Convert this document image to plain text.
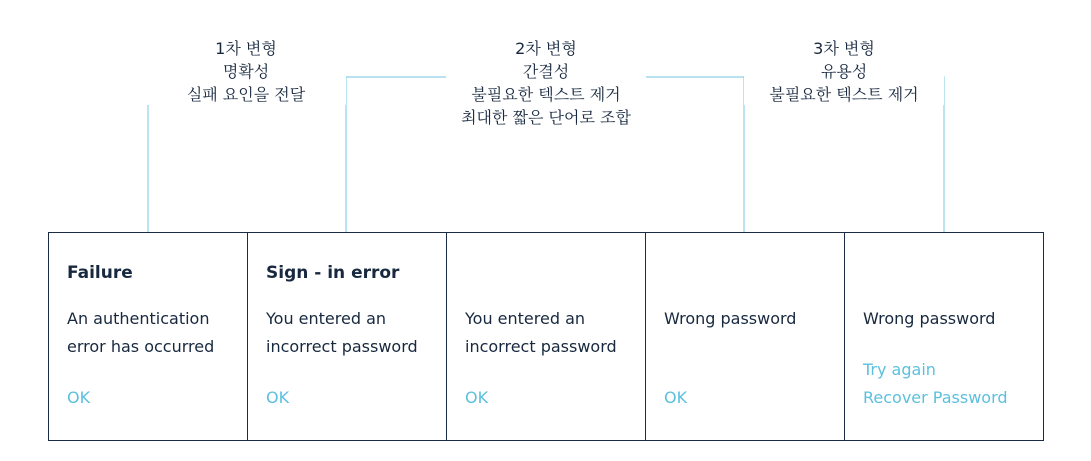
1차 변형
명확성
실패 요인을 전달
2차 변형
간결성
불필요한 텍스트 제거
최대한 짧은 단어로 조합
3차 변형
유용성
불필요한 텍스트 제거
Failure
An authentication
error has occurred
OK
Sign - in error
You entered an
incorrect password
OK
You entered an
incorrect password
OK
Wrong password
OK
Wrong password
Try again
Recover Password
